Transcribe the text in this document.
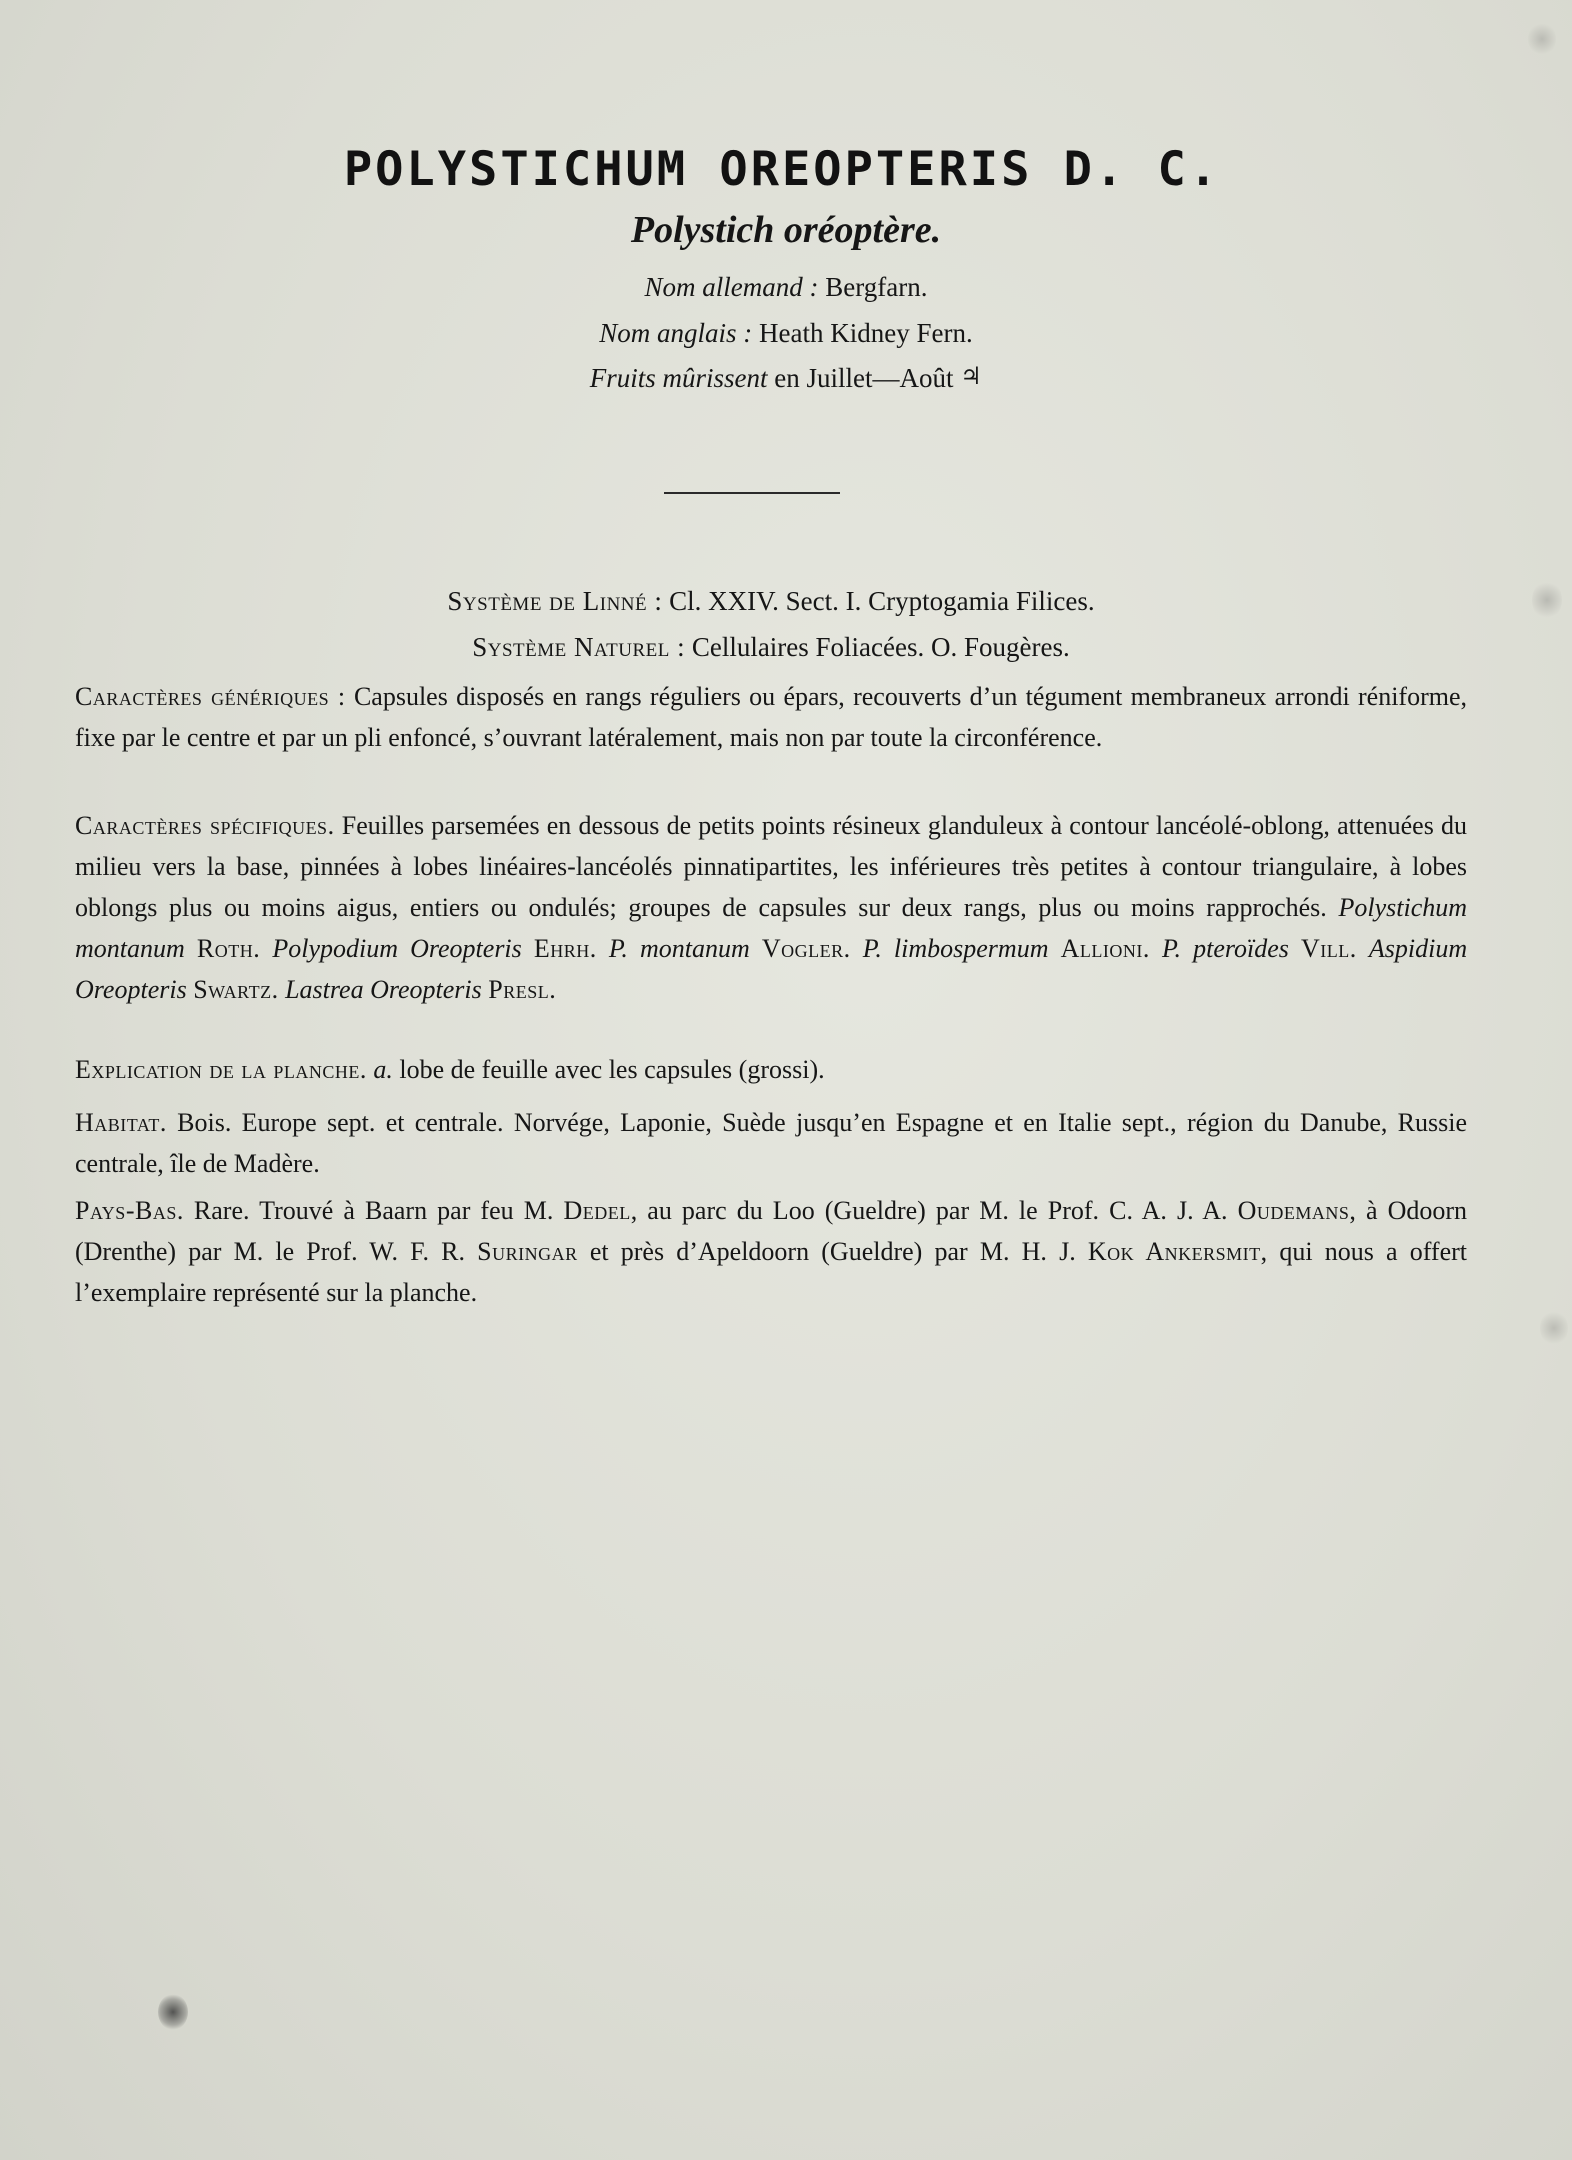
POLYSTICHUM OREOPTERIS D. C.
Polystich oréoptère.

Nom allemand : Bergfarn.

Nom anglais : Heath Kidney Fern.

Fruits mûrissent en Juillet—Août ♃

Système de Linné : Cl. XXIV. Sect. I. Cryptogamia Filices.
Système Naturel : Cellulaires Foliacées. O. Fougères.

Caractères génériques : Capsules disposés en rangs réguliers ou épars, recouverts d’un tégument membraneux arrondi réniforme, fixe par le centre et par un pli enfoncé, s’ouvrant latéralement, mais non par toute la circonférence.

Caractères spécifiques. Feuilles parsemées en dessous de petits points résineux glanduleux à contour lancéolé-oblong, attenuées du milieu vers la base, pinnées à lobes linéaires-lancéolés pinnatipartites, les inférieures très petites à contour triangulaire, à lobes oblongs plus ou moins aigus, entiers ou ondulés; groupes de capsules sur deux rangs, plus ou moins rapprochés. Polystichum montanum Roth. Polypodium Oreopteris Ehrh. P. montanum Vogler. P. limbospermum Allioni. P. pteroïdes Vill. Aspidium Oreopteris Swartz. Lastrea Oreopteris Presl.

Explication de la planche. a. lobe de feuille avec les capsules (grossi).

Habitat. Bois. Europe sept. et centrale. Norvége, Laponie, Suède jusqu’en Espagne et en Italie sept., région du Danube, Russie centrale, île de Madère.

Pays-Bas. Rare. Trouvé à Baarn par feu M. Dedel, au parc du Loo (Gueldre) par M. le Prof. C. A. J. A. Oudemans, à Odoorn (Drenthe) par M. le Prof. W. F. R. Suringar et près d’Apeldoorn (Gueldre) par M. H. J. Kok Ankersmit, qui nous a offert l’exemplaire représenté sur la planche.
